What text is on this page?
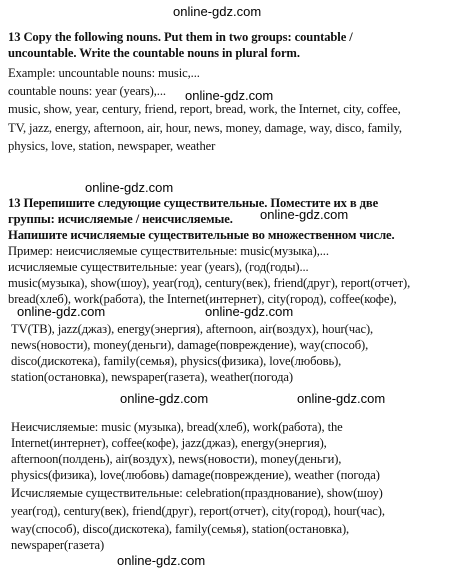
online-gdz.com
online-gdz.com
online-gdz.com
online-gdz.com
online-gdz.com	online-gdz.com
online-gdz.com	online-gdz.com
online-gdz.com
13 Copy the following nouns. Put them in two groups: countable /
uncountable. Write the countable nouns in plural form.
Example: uncountable nouns: music,...
countable nouns: year (years),...
music, show, year, century, friend, report, bread, work, the Internet, city, coffee,
TV, jazz, energy, afternoon, air, hour, news, money, damage, way, disco, family,
physics, love, station, newspaper, weather
13 Перепишите следующие существительные. Поместите их в две
группы: исчисляемые / неисчисляемые.
Напишите исчисляемые существительные во множественном числе.
Пример: неисчисляемые существительные: music(музыка),...
исчисляемые существительные: year (years), (год(годы)...
music(музыка), show(шоу), year(год), century(век), friend(друг), report(отчет),
bread(хлеб), work(работа), the Internet(интернет), city(город), coffee(кофе),
TV(ТВ), jazz(джаз), energy(энергия), afternoon, air(воздух), hour(час),
news(новости), money(деньги), damage(повреждение), way(способ),
disco(дискотека), family(семья), physics(физика), love(любовь),
station(остановка), newspaper(газета), weather(погода)
Неисчисляемые: music (музыка), bread(хлеб), work(работа), the
Internet(интернет), coffee(кофе), jazz(джаз), energy(энергия),
afternoon(полдень), air(воздух), news(новости), money(деньги),
physics(физика), love(любовь) damage(повреждение), weather (погода)
Исчисляемые существительные: celebration(празднование), show(шоу)
year(год), century(век), friend(друг), report(отчет), city(город), hour(час),
way(способ), disco(дискотека), family(семья), station(остановка),
newspaper(газета)
